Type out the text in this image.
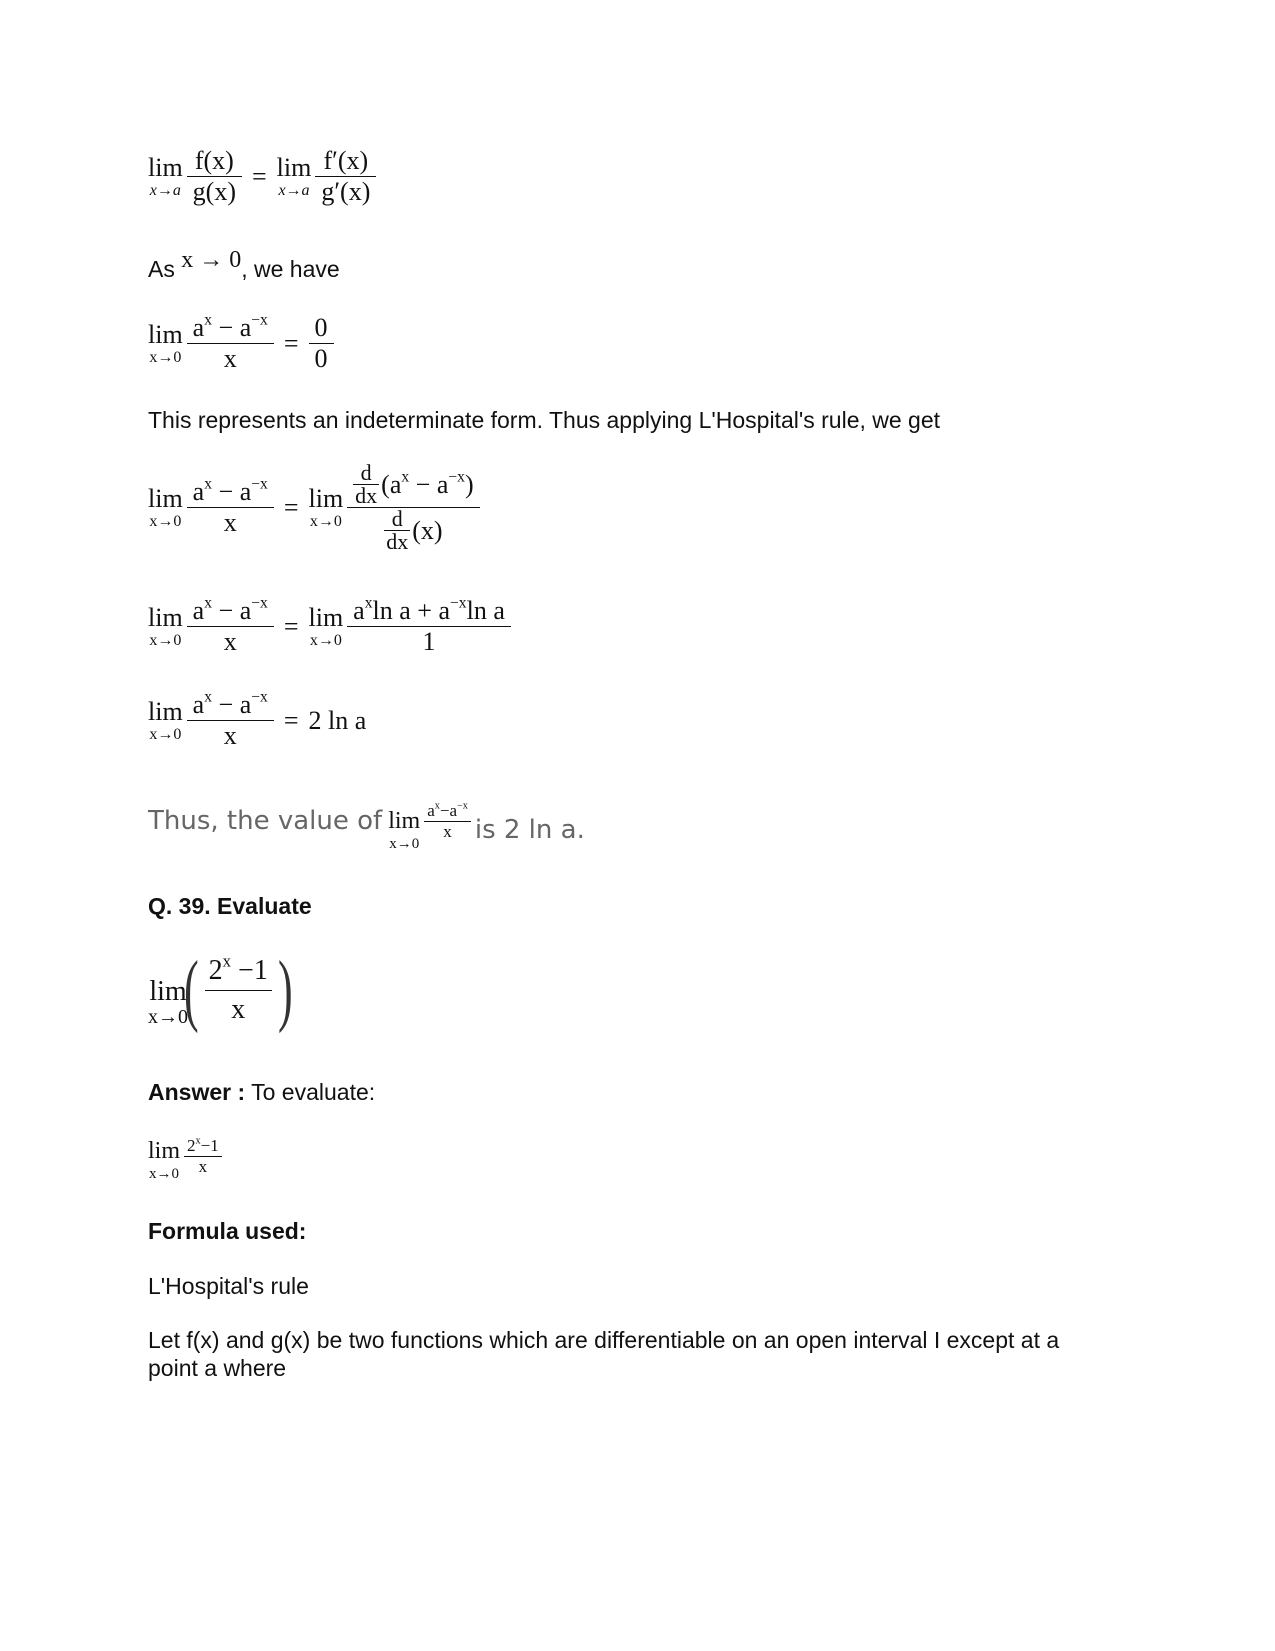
lim
$x\to a \frac{f(x)}{g(x)} = \lim$
$x\to a \frac{f'(x)}{g'(x)}$
As x → 0, we have
lim
$x\to 0 \frac{a^x - a^{-x}}{x} = \frac{0}{0}$
This represents an indeterminate form. Thus applying L'Hospital's rule, we get
lim
$x\to 0 \frac{a^x - a^{-x}}{x} = \lim$
$x\to 0 \frac{\frac{d}{dx} (a^x - a^{-x})}{\frac{d}{dx} (x)}$
lim
$x\to 0 \frac{a^x - a^{-x}}{x} = \lim$
$x\to 0 \frac{a^x\ln a + a^{-x}\ln a}{1}$
lim
$x\to 0 \frac{a^x - a^{-x}}{x} = 2$ ln a
Thus, the value of lim
x→0
$\frac{a^x-a^{-x}}{x}$ is 2 ln a.
Q. 39. Evaluate
lim
x→0
( $\frac{2^x -1}{x}$ )
Answer : To evaluate:
lim
$x\to 0 \frac{2^x-1}{x}$
Formula used:
L'Hospital's rule
Let f(x) and g(x) be two functions which are differentiable on an open interval I except at a point a where
